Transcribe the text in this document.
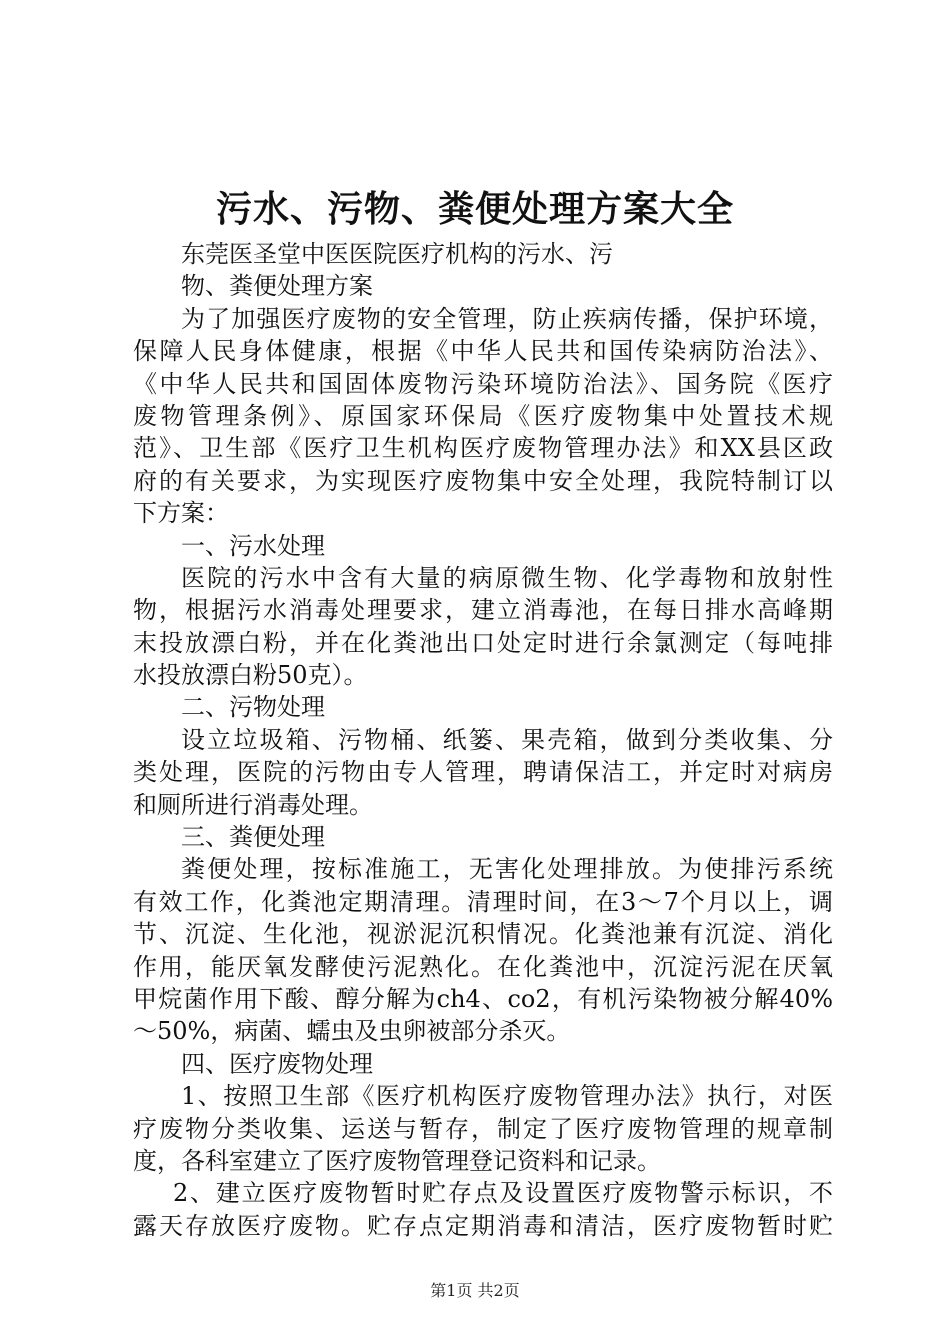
污水、污物、粪便处理方案大全
东莞医圣堂中医医院医疗机构的污水、污
物、粪便处理方案
为了加强医疗废物的安全管理，防止疾病传播，保护环境，
保障人民身体健康，根据《中华人民共和国传染病防治法》、
《中华人民共和国固体废物污染环境防治法》、国务院《医疗
废物管理条例》、原国家环保局《医疗废物集中处置技术规
范》、卫生部《医疗卫生机构医疗废物管理办法》和XX县区政
府的有关要求，为实现医疗废物集中安全处理，我院特制订以
下方案：
一、污水处理
医院的污水中含有大量的病原微生物、化学毒物和放射性
物，根据污水消毒处理要求，建立消毒池，在每日排水高峰期
末投放漂白粉，并在化粪池出口处定时进行余氯测定（每吨排
水投放漂白粉50克）。
二、污物处理
设立垃圾箱、污物桶、纸篓、果壳箱，做到分类收集、分
类处理，医院的污物由专人管理，聘请保洁工，并定时对病房
和厕所进行消毒处理。
三、粪便处理
粪便处理，按标准施工，无害化处理排放。为使排污系统
有效工作，化粪池定期清理。清理时间，在3～7个月以上，调
节、沉淀、生化池，视淤泥沉积情况。化粪池兼有沉淀、消化
作用，能厌氧发酵使污泥熟化。在化粪池中，沉淀污泥在厌氧
甲烷菌作用下酸、醇分解为ch4、co2，有机污染物被分解40%
～50%，病菌、蠕虫及虫卵被部分杀灭。
四、医疗废物处理
1、按照卫生部《医疗机构医疗废物管理办法》执行，对医
疗废物分类收集、运送与暂存，制定了医疗废物管理的规章制
度，各科室建立了医疗废物管理登记资料和记录。
2、建立医疗废物暂时贮存点及设置医疗废物警示标识，不
露天存放医疗废物。贮存点定期消毒和清洁，医疗废物暂时贮
第1页 共2页
